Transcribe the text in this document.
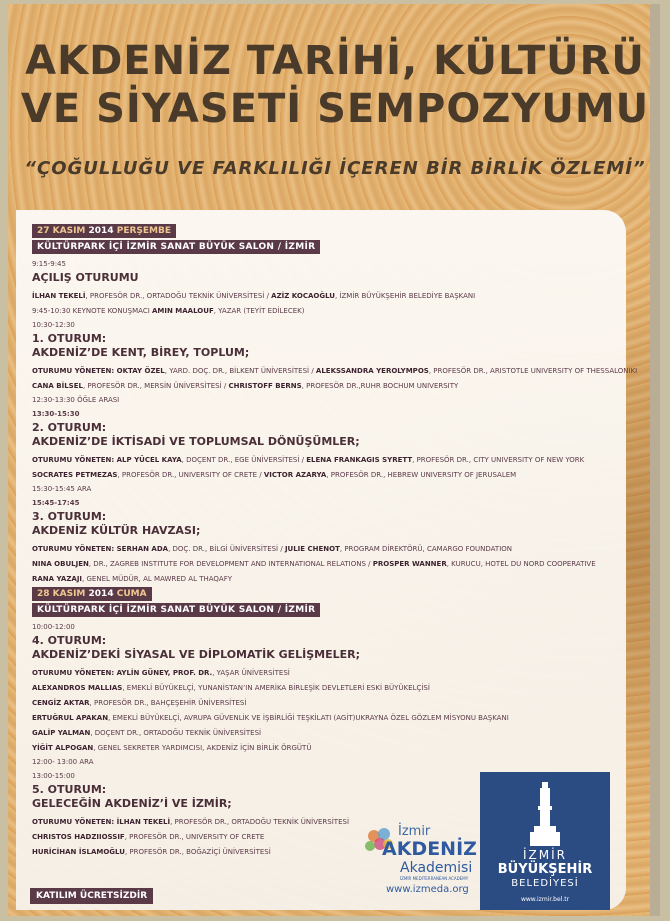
AKDENİZ TARİHİ, KÜLTÜRÜ
VE SİYASETİ SEMPOZYUMU
“ÇOĞULLUĞU VE FARKLILIĞI İÇEREN BİR BİRLİK ÖZLEMİ”
27 KASIM 2014 PERŞEMBE
KÜLTÜRPARK İÇİ İZMİR SANAT BÜYÜK SALON / İZMİR
9:15-9:45
AÇILIŞ OTURUMU
İLHAN TEKELİ, PROFESÖR DR., ORTADOĞU TEKNİK ÜNİVERSİTESİ / AZİZ KOCAOĞLU, İZMİR BÜYÜKŞEHİR BELEDİYE BAŞKANI
9:45-10:30 KEYNOTE KONUŞMACI AMIN MAALOUF, YAZAR (TEYİT EDİLECEK)
10:30-12:30
1. OTURUM:
AKDENİZ’DE KENT, BİREY, TOPLUM;
OTURUMU YÖNETEN: OKTAY ÖZEL, YARD. DOÇ. DR., BİLKENT ÜNİVERSİTESİ / ALEKSSANDRA YEROLYMPOS, PROFESÖR DR., ARISTOTLE UNIVERSITY OF THESSALONIKI
CANA BİLSEL, PROFESÖR DR., MERSİN ÜNİVERSİTESİ / CHRISTOFF BERNS, PROFESÖR DR.,RUHR BOCHUM UNIVERSITY
12:30-13:30 ÖĞLE ARASI
13:30-15:30
2. OTURUM:
AKDENİZ’DE İKTİSADİ VE TOPLUMSAL DÖNÜŞÜMLER;
OTURUMU YÖNETEN: ALP YÜCEL KAYA, DOÇENT DR., EGE ÜNİVERSİTESİ / ELENA FRANKAGIS SYRETT, PROFESÖR DR., CITY UNIVERSITY OF NEW YORK
SOCRATES PETMEZAS, PROFESÖR DR., UNIVERSITY OF CRETE / VICTOR AZARYA, PROFESÖR DR., HEBREW UNIVERSITY OF JERUSALEM
15:30-15:45 ARA
15:45-17:45
3. OTURUM:
AKDENİZ KÜLTÜR HAVZASI;
OTURUMU YÖNETEN: SERHAN ADA, DOÇ. DR., BİLGİ ÜNİVERSİTESİ / JULIE CHENOT, PROGRAM DİREKTÖRÜ, CAMARGO FOUNDATION
NINA OBULJEN, DR., ZAGREB INSTITUTE FOR DEVELOPMENT AND INTERNATIONAL RELATIONS / PROSPER WANNER, KURUCU, HOTEL DU NORD COOPERATIVE
RANA YAZAJI, GENEL MÜDÜR, AL MAWRED AL THAQAFY
28 KASIM 2014 CUMA
KÜLTÜRPARK İÇİ İZMİR SANAT BÜYÜK SALON / İZMİR
10:00-12:00
4. OTURUM:
AKDENİZ’DEKİ SİYASAL VE DİPLOMATİK GELİŞMELER;
OTURUMU YÖNETEN: AYLİN GÜNEY, PROF. DR., YAŞAR ÜNİVERSİTESİ
ALEXANDROS MALLIAS, EMEKLİ BÜYÜKELÇİ, YUNANİSTAN’IN AMERİKA BİRLEŞİK DEVLETLERİ ESKİ BÜYÜKELÇİSİ
CENGİZ AKTAR, PROFESÖR DR., BAHÇEŞEHİR ÜNİVERSİTESİ
ERTUĞRUL APAKAN, EMEKLİ BÜYÜKELÇİ, AVRUPA GÜVENLİK VE İŞBİRLİĞİ TEŞKİLATI (AGİT)UKRAYNA ÖZEL GÖZLEM MİSYONU BAŞKANI
GALİP YALMAN, DOÇENT DR., ORTADOĞU TEKNİK ÜNİVERSİTESİ
YİĞİT ALPOGAN, GENEL SEKRETER YARDIMCISI, AKDENİZ İÇİN BİRLİK ÖRGÜTÜ
12:00- 13:00 ARA
13:00-15:00
5. OTURUM:
GELECEĞİN AKDENİZ’İ VE İZMİR;
OTURUMU YÖNETEN: İLHAN TEKELİ, PROFESÖR DR., ORTADOĞU TEKNİK ÜNİVERSİTESİ
CHRISTOS HADZIIOSSIF, PROFESÖR DR., UNIVERSITY OF CRETE
HURİCİHAN İSLAMOĞLU, PROFESÖR DR., BOĞAZİÇİ ÜNİVERSİTESİ
KATILIM ÜCRETSİZDİR
İzmir
AKDENİZ
Akademisi
İZMİR MEDITERRANEAN ACADEMY
www.izmeda.org
İZMİR
BÜYÜKŞEHİR
BELEDİYESİ
www.izmir.bel.tr
